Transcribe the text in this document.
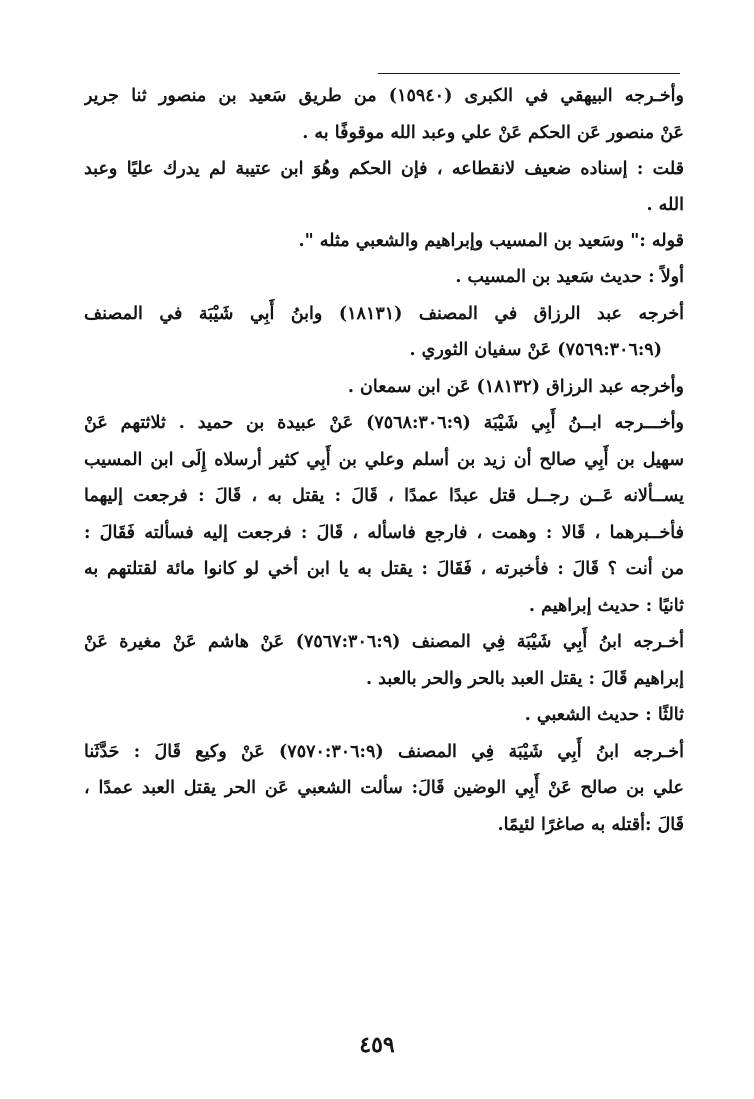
وأخـرجه البيهقي في الكبرى (١٥٩٤٠) من طريق سَعيد بن منصور ثنا جرير
عَنْ منصور عَن الحكم عَنْ علي وعبد الله موقوفًا به .
قلت : إسناده ضعيف لانقطاعه ، فإن الحكم وهُوَ ابن عتيبة لم يدرك عليًا وعبد
الله .
قوله :" وسَعيد بن المسيب وإبراهيم والشعبي مثله ".
أولاً : حديث سَعيد بن المسيب .
أخرجه عبد الرزاق في المصنف (١٨١٣١) وابنُ أَبِي شَيْبَة في المصنف
(٧٥٦٩:٣٠٦:٩) عَنْ سفيان الثوري .
وأخرجه عبد الرزاق (١٨١٣٢) عَن ابن سمعان .
وأخـــرجه ابــنُ أَبِي شَيْبَة (٧٥٦٨:٣٠٦:٩) عَنْ عبيدة بن حميد . ثلاثتهم عَنْ
سهيل بن أَبِي صالح أن زيد بن أسلم وعلي بن أَبِي كثير أرسلاه إِلَى ابن المسيب
يســألانه عَــن رجــل قتل عبدًا عمدًا ، قَالَ : يقتل به ، قَالَ : فرجعت إليهما
فأخــبرهما ، قَالا : وهمت ، فارجع فاسأله ، قَالَ : فرجعت إليه فسألته فَقَالَ :
من أنت ؟ قَالَ : فأخبرته ، فَقَالَ : يقتل به يا ابن أخي لو كانوا مائة لقتلتهم به
ثانيًا : حديث إبراهيم .
أخـرجه ابنُ أَبِي شَيْبَة فِي المصنف (٧٥٦٧:٣٠٦:٩) عَنْ هاشم عَنْ مغيرة عَنْ
إبراهيم قَالَ : يقتل العبد بالحر والحر بالعبد .
ثالثًا : حديث الشعبي .
أخـرجه ابنُ أَبِي شَيْبَة فِي المصنف (٧٥٧٠:٣٠٦:٩) عَنْ وكيع قَالَ : حَدَّثَنا
علي بن صالح عَنْ أَبِي الوضين قَالَ: سألت الشعبي عَن الحر يقتل العبد عمدًا ،
قَالَ :أقتله به صاغرًا لئيمًا.
٤٥٩
